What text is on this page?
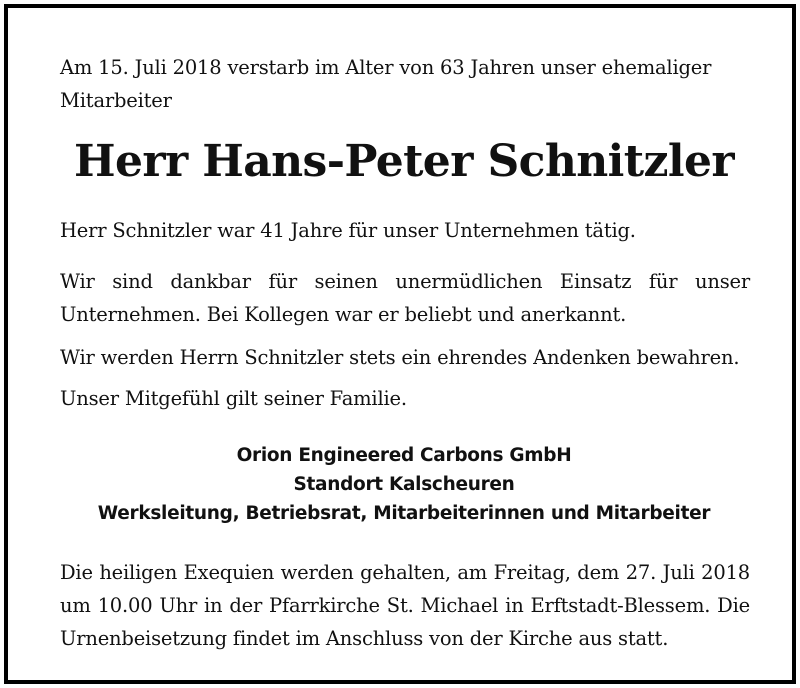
Am 15. Juli 2018 verstarb im Alter von 63 Jahren unser ehemaliger Mitarbeiter

Herr Hans-Peter Schnitzler

Herr Schnitzler war 41 Jahre für unser Unternehmen tätig.

Wir sind dankbar für seinen unermüdlichen Einsatz für unser Unternehmen. Bei Kollegen war er beliebt und anerkannt.

Wir werden Herrn Schnitzler stets ein ehrendes Andenken bewahren.

Unser Mitgefühl gilt seiner Familie.

Orion Engineered Carbons GmbH
Standort Kalscheuren
Werksleitung, Betriebsrat, Mitarbeiterinnen und Mitarbeiter

Die heiligen Exequien werden gehalten, am Freitag, dem 27. Juli 2018 um 10.00 Uhr in der Pfarrkirche St. Michael in Erftstadt-Blessem. Die Urnenbeisetzung findet im Anschluss von der Kirche aus statt.
